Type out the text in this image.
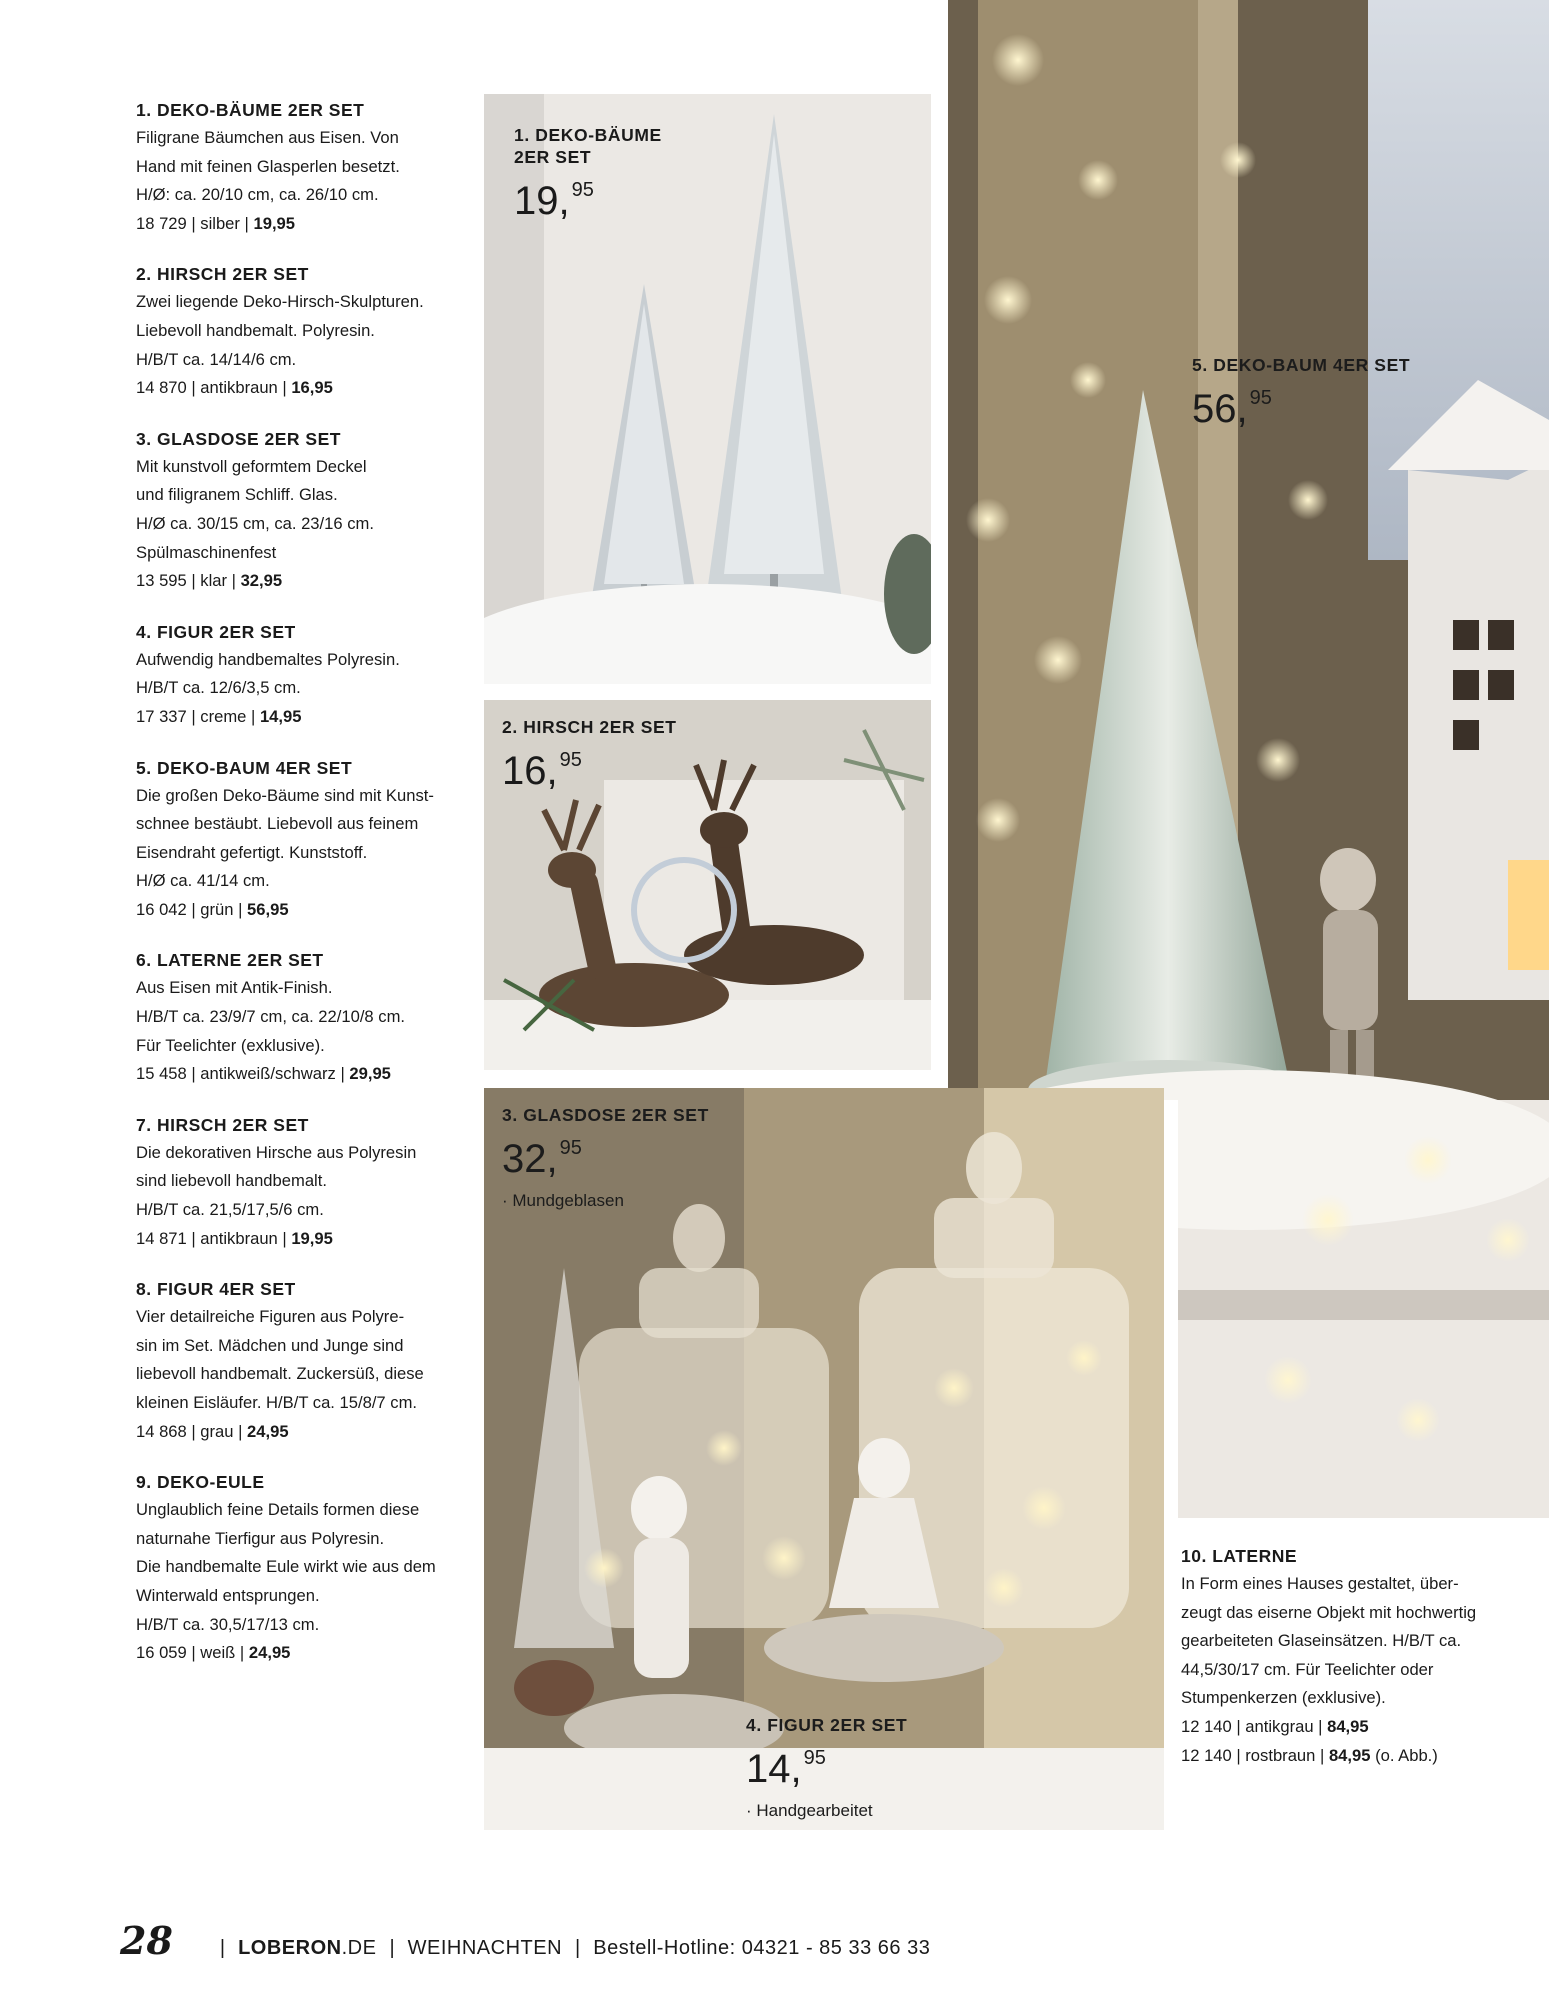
1. DEKO-BÄUME 2ER SET
Filigrane Bäumchen aus Eisen. Von
Hand mit feinen Glasperlen besetzt.
H/Ø: ca. 20/10 cm, ca. 26/10 cm.
18 729 | silber | 19,95
2. HIRSCH 2ER SET
Zwei liegende Deko-Hirsch-Skulpturen.
Liebevoll handbemalt. Polyresin.
H/B/T ca. 14/14/6 cm.
14 870 | antikbraun | 16,95
3. GLASDOSE 2ER SET
Mit kunstvoll geformtem Deckel
und filigranem Schliff. Glas.
H/Ø ca. 30/15 cm, ca. 23/16 cm.
Spülmaschinenfest
13 595 | klar | 32,95
4. FIGUR 2ER SET
Aufwendig handbemaltes Polyresin.
H/B/T ca. 12/6/3,5 cm.
17 337 | creme | 14,95
5. DEKO-BAUM 4ER SET
Die großen Deko-Bäume sind mit Kunst-
schnee bestäubt. Liebevoll aus feinem
Eisendraht gefertigt. Kunststoff.
H/Ø ca. 41/14 cm.
16 042 | grün | 56,95
6. LATERNE 2ER SET
Aus Eisen mit Antik-Finish.
H/B/T ca. 23/9/7 cm, ca. 22/10/8 cm.
Für Teelichter (exklusive).
15 458 | antikweiß/schwarz | 29,95
7. HIRSCH 2ER SET
Die dekorativen Hirsche aus Polyresin
sind liebevoll handbemalt.
H/B/T ca. 21,5/17,5/6 cm.
14 871 | antikbraun | 19,95
8. FIGUR 4ER SET
Vier detailreiche Figuren aus Polyre-
sin im Set. Mädchen und Junge sind
liebevoll handbemalt. Zuckersüß, diese
kleinen Eisläufer. H/B/T ca. 15/8/7 cm.
14 868 | grau | 24,95
9. DEKO-EULE
Unglaublich feine Details formen diese
naturnahe Tierfigur aus Polyresin.
Die handbemalte Eule wirkt wie aus dem
Winterwald entsprungen.
H/B/T ca. 30,5/17/13 cm.
16 059 | weiß | 24,95
5. DEKO-BAUM 4ER SET
56, $^{95}$
1. DEKO-BÄUME
2ER SET
19, $^{95}$
2. HIRSCH 2ER SET
16, $^{95}$
3. GLASDOSE 2ER SET
32, $^{95}$
· Mundgeblasen
4. FIGUR 2ER SET
14, $^{95}$
· Handgearbeitet
10. LATERNE
In Form eines Hauses gestaltet, über-
zeugt das eiserne Objekt mit hochwertig
gearbeiteten Glaseinsätzen. H/B/T ca.
44,5/30/17 cm. Für Teelichter oder
Stumpenkerzen (exklusive).
12 140 | antikgrau | 84,95
12 140 | rostbraun | 84,95 (o. Abb.)
28 | LOBERON.DE | WEIHNACHTEN | Bestell-Hotline: 04321 - 85 33 66 33
